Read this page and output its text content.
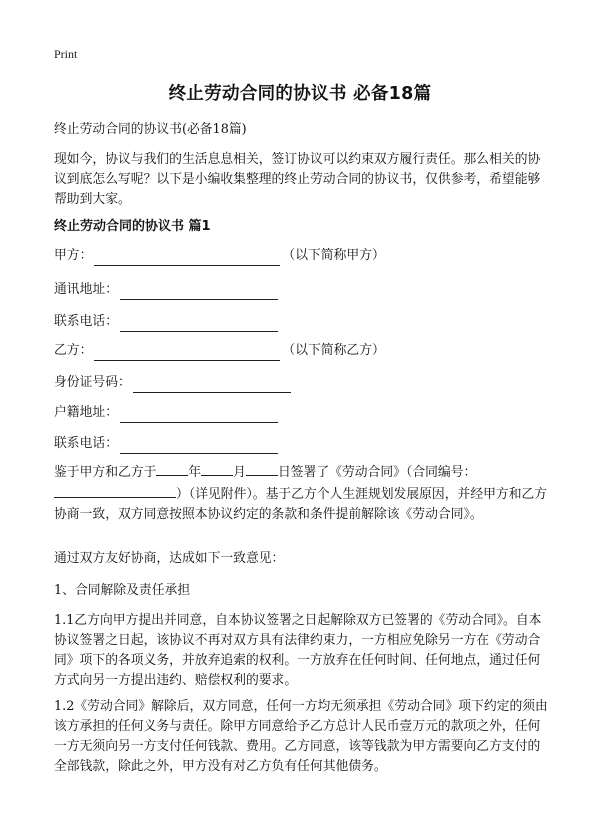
Print
终止劳动合同的协议书 必备18篇
终止劳动合同的协议书(必备18篇)
现如今，协议与我们的生活息息相关，签订协议可以约束双方履行责任。那么相关的协议到底怎么写呢？以下是小编收集整理的终止劳动合同的协议书，仅供参考，希望能够帮助到大家。
终止劳动合同的协议书 篇1
甲方：	（以下简称甲方）
通讯地址：
联系电话：
乙方：	（以下简称乙方）
身份证号码：
户籍地址：
联系电话：
鉴于甲方和乙方于	年	月	日签署了《劳动合同》（合同编号：）（详见附件）。基于乙方个人生涯规划发展原因，并经甲方和乙方协商一致，双方同意按照本协议约定的条款和条件提前解除该《劳动合同》。
通过双方友好协商，达成如下一致意见：
1、合同解除及责任承担
1.1乙方向甲方提出并同意，自本协议签署之日起解除双方已签署的《劳动合同》。自本协议签署之日起，该协议不再对双方具有法律约束力，一方相应免除另一方在《劳动合同》项下的各项义务，并放弃追索的权利。一方放弃在任何时间、任何地点，通过任何方式向另一方提出违约、赔偿权利的要求。
1.2《劳动合同》解除后，双方同意，任何一方均无须承担《劳动合同》项下约定的须由该方承担的任何义务与责任。除甲方同意给予乙方总计人民币壹万元的款项之外，任何一方无须向另一方支付任何钱款、费用。乙方同意，该等钱款为甲方需要向乙方支付的全部钱款，除此之外，甲方没有对乙方负有任何其他债务。
